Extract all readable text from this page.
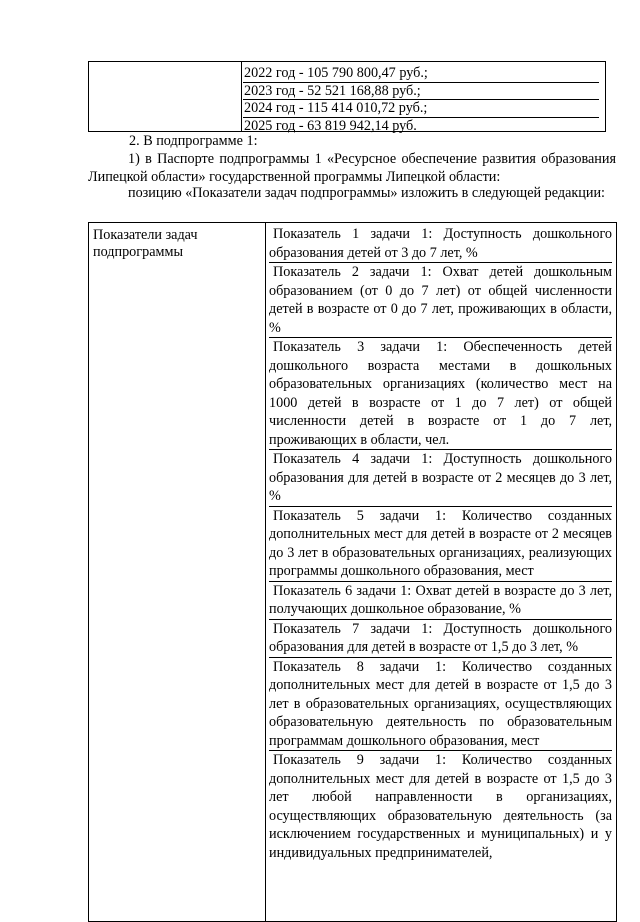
2022 год - 105 790 800,47 руб.;
2023 год - 52 521 168,88 руб.;
2024 год - 115 414 010,72 руб.;
2025 год - 63 819 942,14 руб.
2. В подпрограмме 1:
1) в Паспорте подпрограммы 1 «Ресурсное обеспечение развития образования Липецкой области» государственной программы Липецкой области:
позицию «Показатели задач подпрограммы» изложить в следующей редакции:
Показатели задач подпрограммы

Показатель 1 задачи 1: Доступность дошкольного образования детей от 3 до 7 лет, %

Показатель 2 задачи 1: Охват детей дошкольным образованием (от 0 до 7 лет) от общей численности детей в возрасте от 0 до 7 лет, проживающих в области, %

Показатель 3 задачи 1: Обеспеченность детей дошкольного возраста местами в дошкольных образовательных организациях (количество мест на 1000 детей в возрасте от 1 до 7 лет) от общей численности детей в возрасте от 1 до 7 лет, проживающих в области, чел.

Показатель 4 задачи 1: Доступность дошкольного образования для детей в возрасте от 2 месяцев до 3 лет, %

Показатель 5 задачи 1: Количество созданных дополнительных мест для детей в возрасте от 2 месяцев до 3 лет в образовательных организациях, реализующих программы дошкольного образования, мест

Показатель 6 задачи 1: Охват детей в возрасте до 3 лет, получающих дошкольное образование, %

Показатель 7 задачи 1: Доступность дошкольного образования для детей в возрасте от 1,5 до 3 лет, %

Показатель 8 задачи 1: Количество созданных дополнительных мест для детей в возрасте от 1,5 до 3 лет в образовательных организациях, осуществляющих образовательную деятельность по образовательным программам дошкольного образования, мест

Показатель 9 задачи 1: Количество созданных дополнительных мест для детей в возрасте от 1,5 до 3 лет любой направленности в организациях, осуществляющих образовательную деятельность (за исключением государственных и муниципальных) и у индивидуальных предпринимателей,
